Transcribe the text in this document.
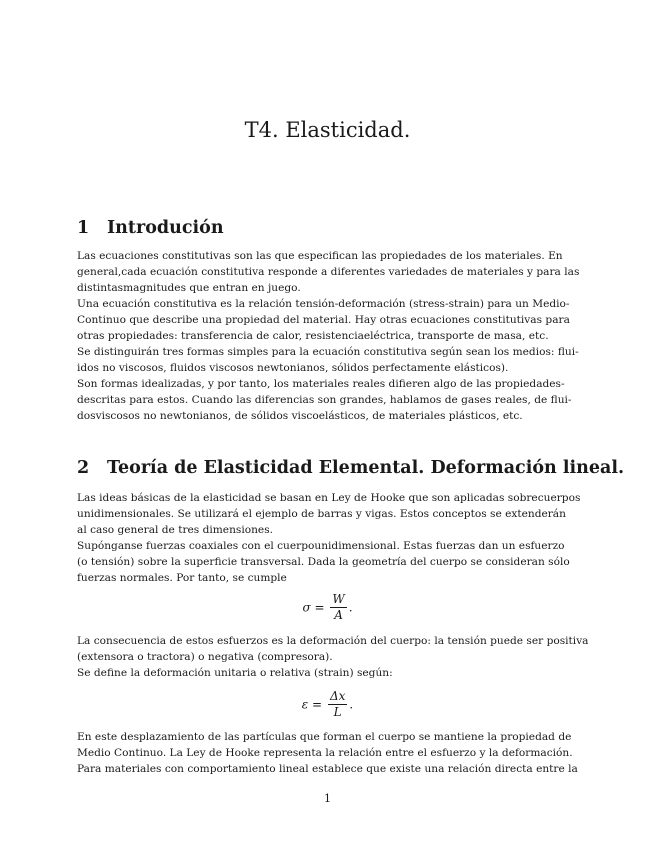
T4. Elasticidad.
1 Introdución
Las ecuaciones constitutivas son las que especifican las propiedades de los materiales. En
general,cada ecuación constitutiva responde a diferentes variedades de materiales y para las
distintasmagnitudes que entran en juego.
Una ecuación constitutiva es la relación tensión-deformación (stress-strain) para un Medio-
Continuo que describe una propiedad del material. Hay otras ecuaciones constitutivas para
otras propiedades: transferencia de calor, resistenciaeléctrica, transporte de masa, etc.
Se distinguirán tres formas simples para la ecuación constitutiva según sean los medios: flui-
idos no viscosos, fluidos viscosos newtonianos, sólidos perfectamente elásticos).
Son formas idealizadas, y por tanto, los materiales reales difieren algo de las propiedades-
descritas para estos. Cuando las diferencias son grandes, hablamos de gases reales, de flui-
dosviscosos no newtonianos, de sólidos viscoelásticos, de materiales plásticos, etc.
2 Teoría de Elasticidad Elemental. Deformación lineal.
Las ideas básicas de la elasticidad se basan en Ley de Hooke que son aplicadas sobrecuerpos
unidimensionales. Se utilizará el ejemplo de barras y vigas. Estos conceptos se extenderán
al caso general de tres dimensiones.
Supónganse fuerzas coaxiales con el cuerpounidimensional. Estas fuerzas dan un esfuerzo
(o tensión) sobre la superficie transversal. Dada la geometría del cuerpo se consideran sólo
fuerzas normales. Por tanto, se cumple
$\sigma = \frac{W}{A}$ .
La consecuencia de estos esfuerzos es la deformación del cuerpo: la tensión puede ser positiva
(extensora o tractora) o negativa (compresora).
Se define la deformación unitaria o relativa (strain) según:
$\varepsilon = \frac{\Delta x}{L}$ .
En este desplazamiento de las partículas que forman el cuerpo se mantiene la propiedad de
Medio Continuo. La Ley de Hooke representa la relación entre el esfuerzo y la deformación.
Para materiales con comportamiento lineal establece que existe una relación directa entre la
1
